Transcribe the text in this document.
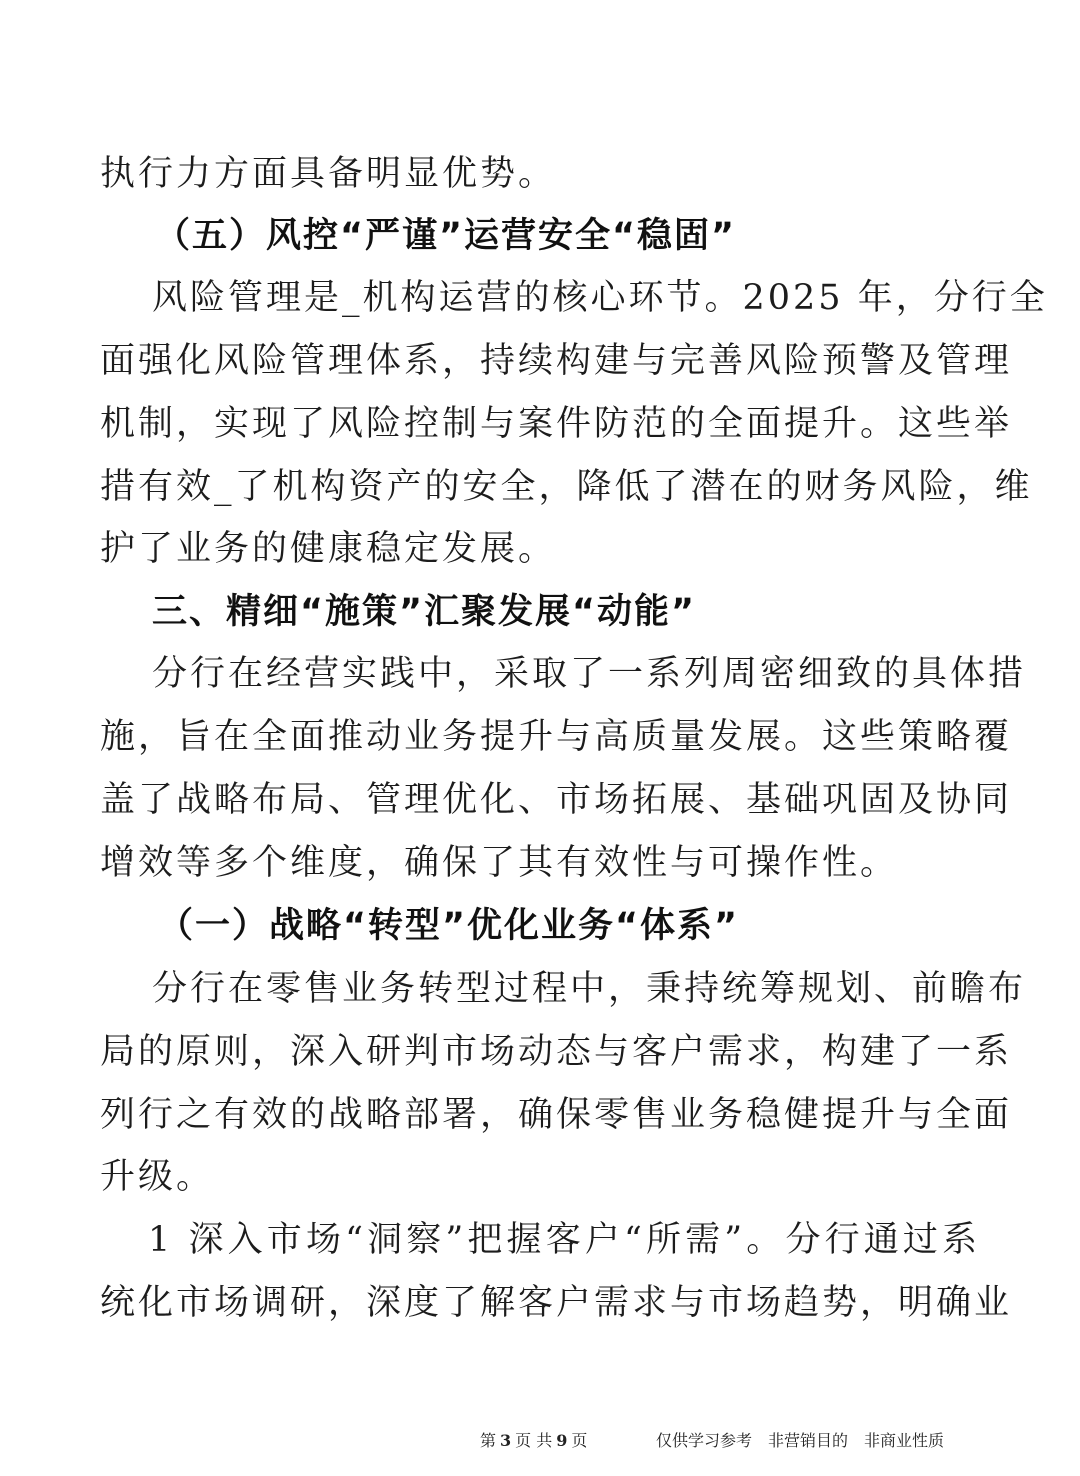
执行力方面具备明显优势。
（五）风控“严谨”运营安全“稳固”
风险管理是_机构运营的核心环节。2025 年，分行全
面强化风险管理体系，持续构建与完善风险预警及管理
机制，实现了风险控制与案件防范的全面提升。这些举
措有效_了机构资产的安全，降低了潜在的财务风险，维
护了业务的健康稳定发展。
三、精细“施策”汇聚发展“动能”
分行在经营实践中，采取了一系列周密细致的具体措
施，旨在全面推动业务提升与高质量发展。这些策略覆
盖了战略布局、管理优化、市场拓展、基础巩固及协同
增效等多个维度，确保了其有效性与可操作性。
（一）战略“转型”优化业务“体系”
分行在零售业务转型过程中，秉持统筹规划、前瞻布
局的原则，深入研判市场动态与客户需求，构建了一系
列行之有效的战略部署，确保零售业务稳健提升与全面
升级。
1 深入市场“洞察”把握客户“所需”。分行通过系
统化市场调研，深度了解客户需求与市场趋势，明确业
第 3 页 共 9 页	仅供学习参考　非营销目的　非商业性质
